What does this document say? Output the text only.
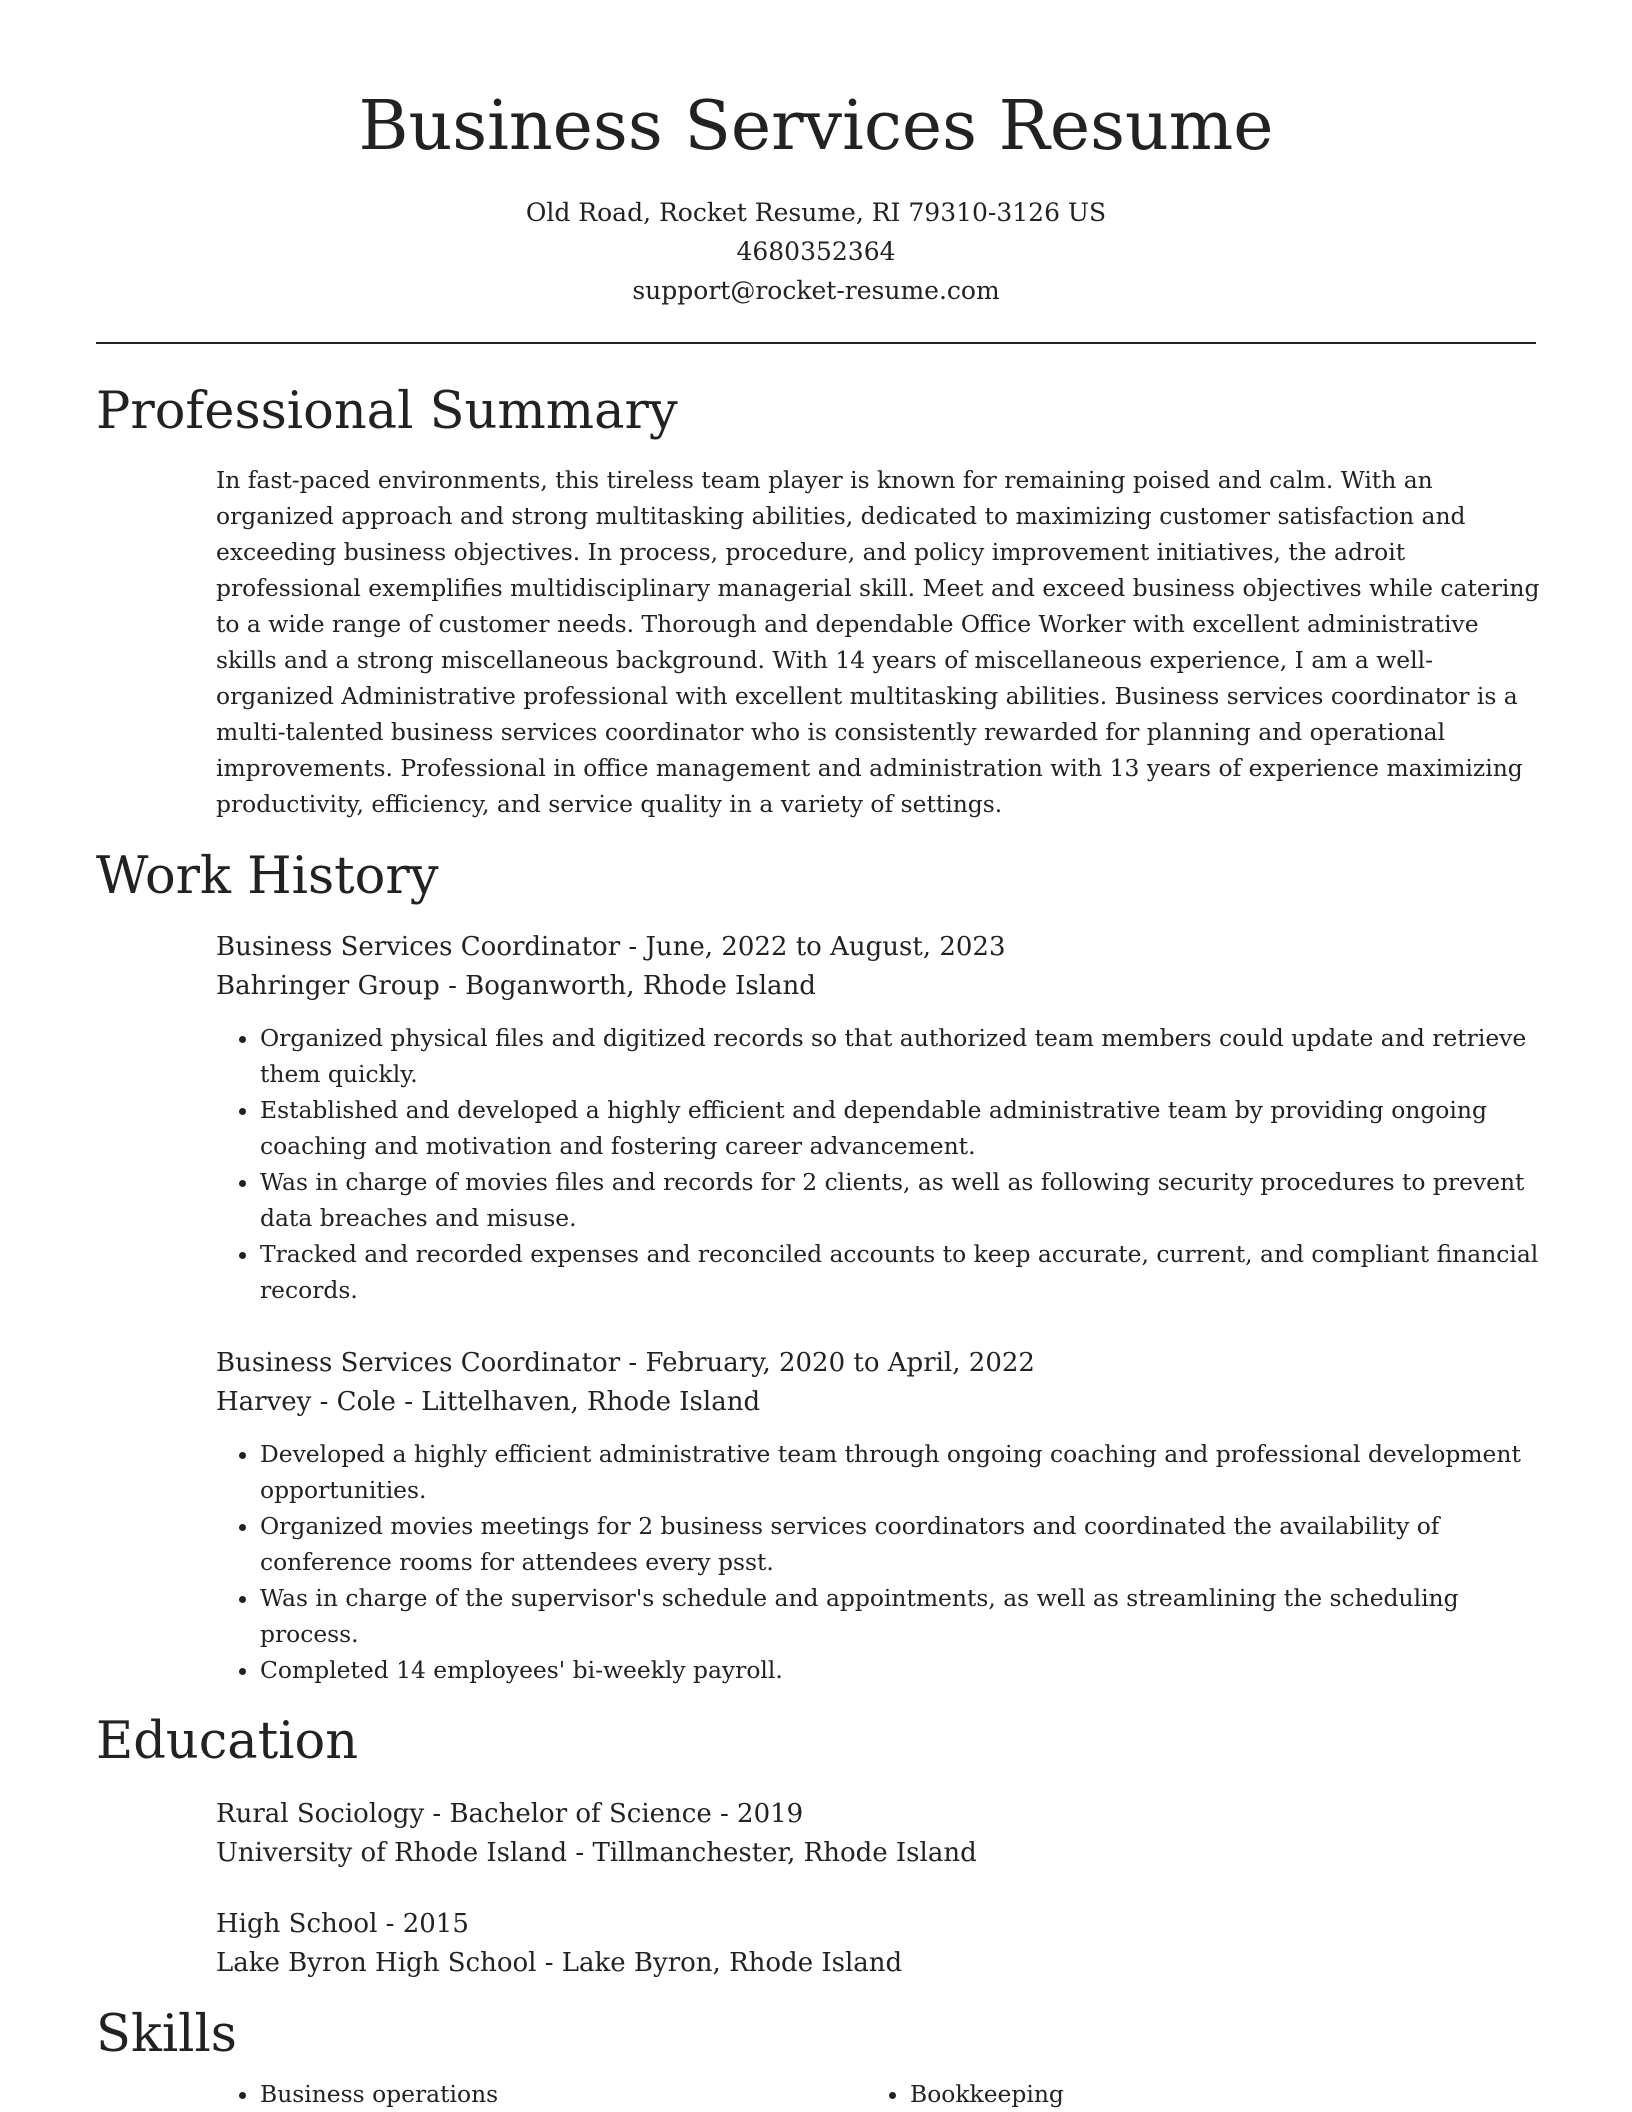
Business Services Resume
Old Road, Rocket Resume, RI 79310-3126 US
4680352364
support@rocket-resume.com
Professional Summary

In fast-paced environments, this tireless team player is known for remaining poised and calm. With an organized approach and strong multitasking abilities, dedicated to maximizing customer satisfaction and exceeding business objectives. In process, procedure, and policy improvement initiatives, the adroit professional exemplifies multidisciplinary managerial skill. Meet and exceed business objectives while catering to a wide range of customer needs. Thorough and dependable Office Worker with excellent administrative skills and a strong miscellaneous background. With 14 years of miscellaneous experience, I am a well-organized Administrative professional with excellent multitasking abilities. Business services coordinator is a multi-talented business services coordinator who is consistently rewarded for planning and operational improvements. Professional in office management and administration with 13 years of experience maximizing productivity, efficiency, and service quality in a variety of settings.

Work History
Business Services Coordinator - June, 2022 to August, 2023
Bahringer Group - Boganworth, Rhode Island
• Organized physical files and digitized records so that authorized team members could update and retrieve them quickly.
• Established and developed a highly efficient and dependable administrative team by providing ongoing coaching and motivation and fostering career advancement.
• Was in charge of movies files and records for 2 clients, as well as following security procedures to prevent data breaches and misuse.
• Tracked and recorded expenses and reconciled accounts to keep accurate, current, and compliant financial records.
Business Services Coordinator - February, 2020 to April, 2022
Harvey - Cole - Littelhaven, Rhode Island
• Developed a highly efficient administrative team through ongoing coaching and professional development opportunities.
• Organized movies meetings for 2 business services coordinators and coordinated the availability of conference rooms for attendees every psst.
• Was in charge of the supervisor's schedule and appointments, as well as streamlining the scheduling process.
• Completed 14 employees' bi-weekly payroll.
Education
Rural Sociology - Bachelor of Science - 2019
University of Rhode Island - Tillmanchester, Rhode Island
High School - 2015
Lake Byron High School - Lake Byron, Rhode Island
Skills
• Business operations
•	Bookkeeping
